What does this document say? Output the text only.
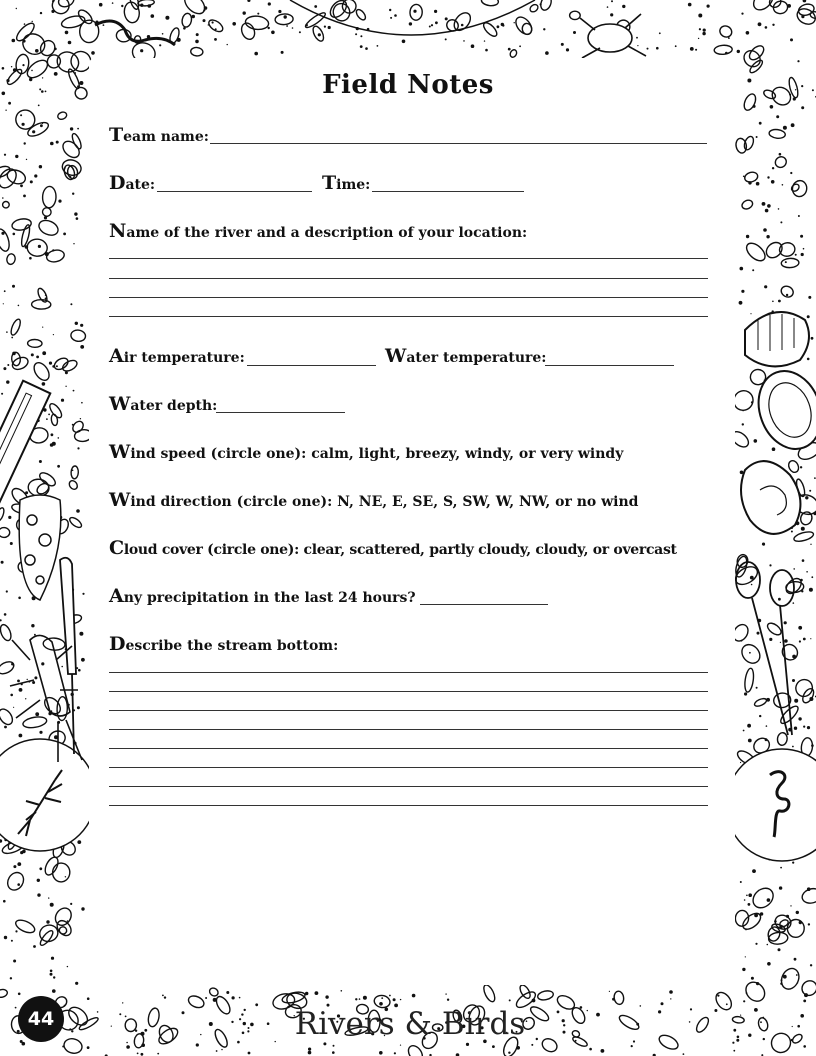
Field Notes
Team name:
Date:	Time:
Name of the river and a description of your location:
Air temperature:	Water temperature:
Water depth:
Wind speed (circle one): calm, light, breezy, windy, or very windy
Wind direction (circle one): N, NE, E, SE, S, SW, W, NW, or no wind
Cloud cover (circle one): clear, scattered, partly cloudy, cloudy, or overcast
Any precipitation in the last 24 hours?
Describe the stream bottom:
44	Rivers & Birds
